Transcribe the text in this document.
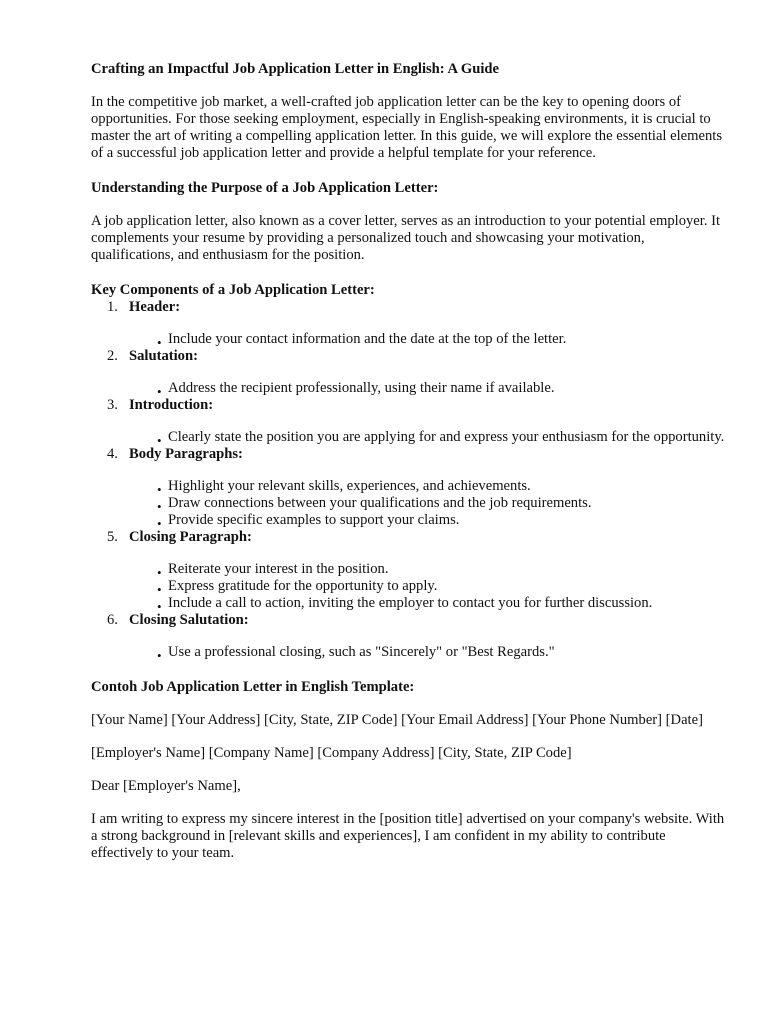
Crafting an Impactful Job Application Letter in English: A Guide

In the competitive job market, a well-crafted job application letter can be the key to opening doors of opportunities. For those seeking employment, especially in English-speaking environments, it is crucial to master the art of writing a compelling application letter. In this guide, we will explore the essential elements of a successful job application letter and provide a helpful template for your reference.

Understanding the Purpose of a Job Application Letter:

A job application letter, also known as a cover letter, serves as an introduction to your potential employer. It complements your resume by providing a personalized touch and showcasing your motivation, qualifications, and enthusiasm for the position.

Key Components of a Job Application Letter:
1. Header:
• Include your contact information and the date at the top of the letter.
2. Salutation:
• Address the recipient professionally, using their name if available.
3. Introduction:
• Clearly state the position you are applying for and express your enthusiasm for the opportunity.
4. Body Paragraphs:
• Highlight your relevant skills, experiences, and achievements.
• Draw connections between your qualifications and the job requirements.
• Provide specific examples to support your claims.
5. Closing Paragraph:
• Reiterate your interest in the position.
• Express gratitude for the opportunity to apply.
• Include a call to action, inviting the employer to contact you for further discussion.
6. Closing Salutation:
• Use a professional closing, such as "Sincerely" or "Best Regards."
Contoh Job Application Letter in English Template:

[Your Name] [Your Address] [City, State, ZIP Code] [Your Email Address] [Your Phone Number] [Date]

[Employer's Name] [Company Name] [Company Address] [City, State, ZIP Code]

Dear [Employer's Name],

I am writing to express my sincere interest in the [position title] advertised on your company's website. With a strong background in [relevant skills and experiences], I am confident in my ability to contribute effectively to your team.
